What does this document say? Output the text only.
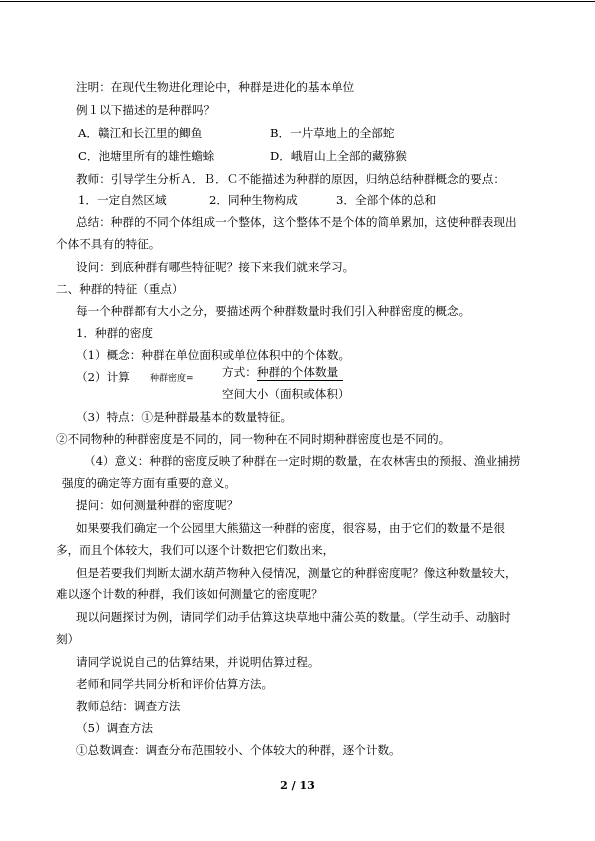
注明：在现代生物进化理论中，种群是进化的基本单位
例１以下描述的是种群吗？
A．赣江和长江里的鲫鱼	B．一片草地上的全部蛇
C．池塘里所有的雄性蟾蜍	D．峨眉山上全部的藏猕猴
教师：引导学生分析Ａ．Ｂ．Ｃ不能描述为种群的原因，归纳总结种群概念的要点：
1．一定自然区域	2．同种生物构成	3．全部个体的总和
总结：种群的不同个体组成一个整体，这个整体不是个体的简单累加，这使种群表现出
个体不具有的特征。
设问：到底种群有哪些特征呢？接下来我们就来学习。
二、种群的特征（重点）
每一个种群都有大小之分，要描述两个种群数量时我们引入种群密度的概念。
1．种群的密度
（1）概念：种群在单位面积或单位体积中的个体数。
（2）计算 种群密度= 方式： 种群的个体数量
空间大小（面积或体积）
（3）特点：①是种群最基本的数量特征。
②不同物种的种群密度是不同的，同一物种在不同时期种群密度也是不同的。
（4）意义：种群的密度反映了种群在一定时期的数量，在农林害虫的预报、渔业捕捞
强度的确定等方面有重要的意义。
提问：如何测量种群的密度呢？
如果要我们确定一个公园里大熊猫这一种群的密度，很容易，由于它们的数量不是很
多，而且个体较大，我们可以逐个计数把它们数出来，
但是若要我们判断太湖水葫芦物种入侵情况，测量它的种群密度呢？像这种数量较大，
难以逐个计数的种群，我们该如何测量它的密度呢？
现以问题探讨为例，请同学们动手估算这块草地中蒲公英的数量。（学生动手、动脑时
刻）
请同学说说自己的估算结果，并说明估算过程。
老师和同学共同分析和评价估算方法。
教师总结：调查方法
（5）调查方法
①总数调查：调查分布范围较小、个体较大的种群，逐个计数。
2 / 13
